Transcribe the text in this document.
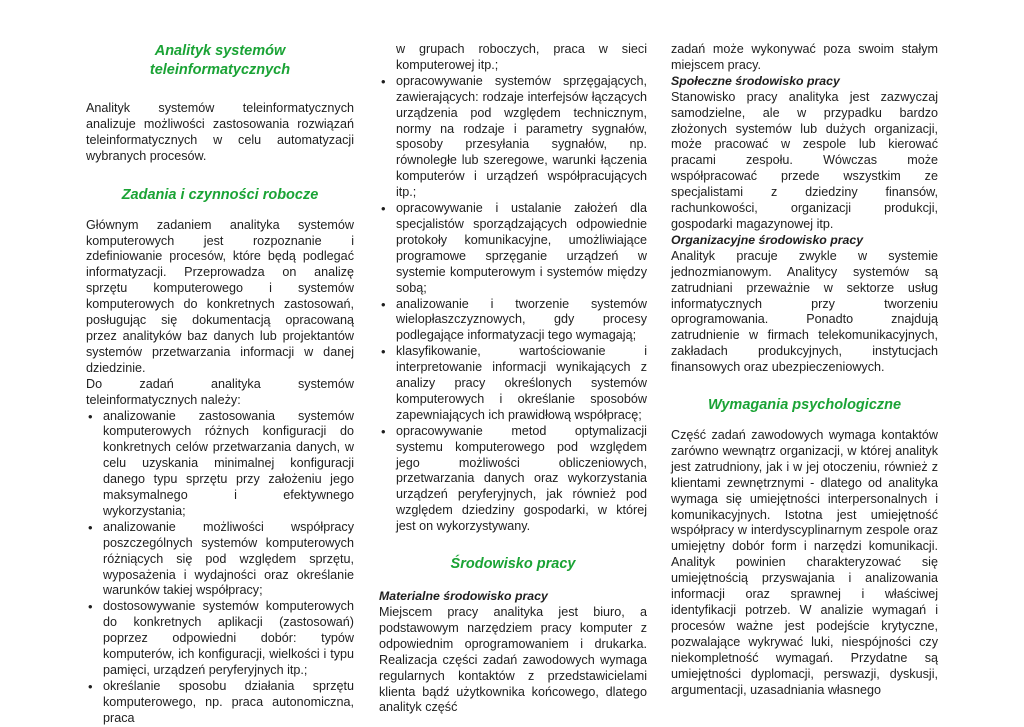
Analityk systemów
teleinformatycznych

Analityk systemów teleinformatycznych analizuje możliwości zastosowania rozwiązań teleinformatycznych w celu automatyzacji wybranych procesów.

Zadania i czynności robocze

Głównym zadaniem analityka systemów komputerowych jest rozpoznanie i zdefiniowanie procesów, które będą podlegać informatyzacji. Przeprowadza on analizę sprzętu komputerowego i systemów komputerowych do konkretnych zastosowań, posługując się dokumentacją opracowaną przez analityków baz danych lub projektantów systemów przetwarzania informacji w danej dziedzinie.

Do zadań analityka systemów teleinformatycznych należy:

• analizowanie zastosowania systemów komputerowych różnych konfiguracji do konkretnych celów przetwarzania danych, w celu uzyskania minimalnej konfiguracji danego typu sprzętu przy założeniu jego maksymalnego i efektywnego wykorzystania;
• analizowanie możliwości współpracy poszczególnych systemów komputerowych różniących się pod względem sprzętu, wyposażenia i wydajności oraz określanie warunków takiej współpracy;
• dostosowywanie systemów komputerowych do konkretnych aplikacji (zastosowań) poprzez odpowiedni dobór: typów komputerów, ich konfiguracji, wielkości i typu pamięci, urządzeń peryferyjnych itp.;
• określanie sposobu działania sprzętu komputerowego, np. praca autonomiczna, praca

w grupach roboczych, praca w sieci komputerowej itp.;

• opracowywanie systemów sprzęgających, zawierających: rodzaje interfejsów łączących urządzenia pod względem technicznym, normy na rodzaje i parametry sygnałów, sposoby przesyłania sygnałów, np. równoległe lub szeregowe, warunki łączenia komputerów i urządzeń współpracujących itp.;
• opracowywanie i ustalanie założeń dla specjalistów sporządzających odpowiednie protokoły komunikacyjne, umożliwiające programowe sprzęganie urządzeń w systemie komputerowym i systemów między sobą;
• analizowanie i tworzenie systemów wielopłaszczyznowych, gdy procesy podlegające informatyzacji tego wymagają;
• klasyfikowanie, wartościowanie i interpretowanie informacji wynikających z analizy pracy określonych systemów komputerowych i określanie sposobów zapewniających ich prawidłową współpracę;
• opracowywanie metod optymalizacji systemu komputerowego pod względem jego możliwości obliczeniowych, przetwarzania danych oraz wykorzystania urządzeń peryferyjnych, jak również pod względem dziedziny gospodarki, w której jest on wykorzystywany.
Środowisko pracy
Materialne środowisko pracy

Miejscem pracy analityka jest biuro, a podstawowym narzędziem pracy komputer z odpowiednim oprogramowaniem i drukarka. Realizacja części zadań zawodowych wymaga regularnych kontaktów z przedstawicielami klienta bądź użytkownika końcowego, dlatego analityk część

zadań może wykonywać poza swoim stałym miejscem pracy.

Społeczne środowisko pracy

Stanowisko pracy analityka jest zazwyczaj samodzielne, ale w przypadku bardzo złożonych systemów lub dużych organizacji, może pracować w zespole lub kierować pracami zespołu. Wówczas może współpracować przede wszystkim ze specjalistami z dziedziny finansów, rachunkowości, organizacji produkcji, gospodarki magazynowej itp.

Organizacyjne środowisko pracy

Analityk pracuje zwykle w systemie jednozmianowym. Analitycy systemów są zatrudniani przeważnie w sektorze usług informatycznych przy tworzeniu oprogramowania. Ponadto znajdują zatrudnienie w firmach telekomunikacyjnych, zakładach produkcyjnych, instytucjach finansowych oraz ubezpieczeniowych.

Wymagania psychologiczne

Część zadań zawodowych wymaga kontaktów zarówno wewnątrz organizacji, w której analityk jest zatrudniony, jak i w jej otoczeniu, również z klientami zewnętrznymi - dlatego od analityka wymaga się umiejętności interpersonalnych i komunikacyjnych. Istotna jest umiejętność współpracy w interdyscyplinarnym zespole oraz umiejętny dobór form i narzędzi komunikacji. Analityk powinien charakteryzować się umiejętnością przyswajania i analizowania informacji oraz sprawnej i właściwej identyfikacji potrzeb. W analizie wymagań i procesów ważne jest podejście krytyczne, pozwalające wykrywać luki, niespójności czy niekompletność wymagań. Przydatne są umiejętności dyplomacji, perswazji, dyskusji, argumentacji, uzasadniania własnego
